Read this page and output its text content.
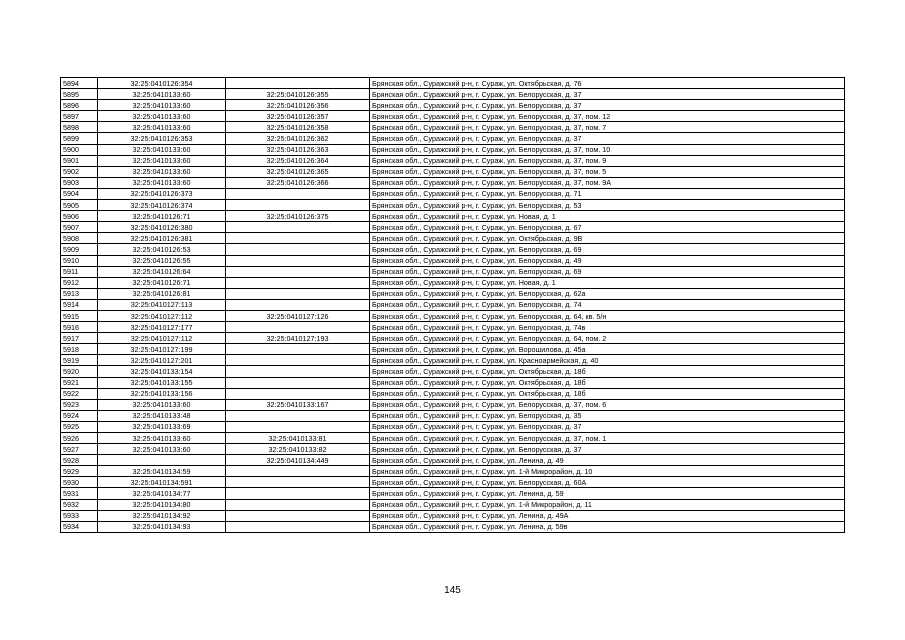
5894	32:25:0410126:354		Брянская обл., Суражский р-н, г. Сураж, ул. Октябрьская, д. 76
5895	32:25:0410133:60	32:25:0410126:355	Брянская обл., Суражский р-н, г. Сураж, ул. Белорусская, д. 37
5896	32:25:0410133:60	32:25:0410126:356	Брянская обл., Суражский р-н, г. Сураж, ул. Белорусская, д. 37
5897	32:25:0410133:60	32:25:0410126:357	Брянская обл., Суражский р-н, г. Сураж, ул. Белорусская, д. 37, пом. 12
5898	32:25:0410133:60	32:25:0410126:358	Брянская обл., Суражский р-н, г. Сураж, ул. Белорусская, д. 37, пом. 7
5899	32:25:0410126:353	32:25:0410126:362	Брянская обл., Суражский р-н, г. Сураж, ул. Белорусская, д. 37
5900	32:25:0410133:60	32:25:0410126:363	Брянская обл., Суражский р-н, г. Сураж, ул. Белорусская, д. 37, пом. 10
5901	32:25:0410133:60	32:25:0410126:364	Брянская обл., Суражский р-н, г. Сураж, ул. Белорусская, д. 37, пом. 9
5902	32:25:0410133:60	32:25:0410126:365	Брянская обл., Суражский р-н, г. Сураж, ул. Белорусская, д. 37, пом. 5
5903	32:25:0410133:60	32:25:0410126:366	Брянская обл., Суражский р-н, г. Сураж, ул. Белорусская, д. 37, пом. 9А
5904	32:25:0410126:373		Брянская обл., Суражский р-н, г. Сураж, ул. Белорусская, д. 71
5905	32:25:0410126:374		Брянская обл., Суражский р-н, г. Сураж, ул. Белорусская, д. 53
5906	32:25:0410126:71	32:25:0410126:375	Брянская обл., Суражский р-н, г. Сураж, ул. Новая, д. 1
5907	32:25:0410126:380		Брянская обл., Суражский р-н, г. Сураж, ул. Белорусская, д. 67
5908	32:25:0410126:381		Брянская обл., Суражский р-н, г. Сураж, ул. Октябрьская, д. 9В
5909	32:25:0410126:53		Брянская обл., Суражский р-н, г. Сураж, ул. Белорусская, д. 69
5910	32:25:0410126:55		Брянская обл., Суражский р-н, г. Сураж, ул. Белорусская, д. 49
5911	32:25:0410126:64		Брянская обл., Суражский р-н, г. Сураж, ул. Белорусская, д. 69
5912	32:25:0410126:71		Брянская обл., Суражский р-н, г. Сураж, ул. Новая, д. 1
5913	32:25:0410126:81		Брянская обл., Суражский р-н, г. Сураж, ул. Белорусская, д. 62а
5914	32:25:0410127:113		Брянская обл., Суражский р-н, г. Сураж, ул. Белорусская, д. 74
5915	32:25:0410127:112	32:25:0410127:126	Брянская обл., Суражский р-н, г. Сураж, ул. Белорусская, д. 64, кв. 5/н
5916	32:25:0410127:177		Брянская обл., Суражский р-н, г. Сураж, ул. Белорусская, д. 74в
5917	32:25:0410127:112	32:25:0410127:193	Брянская обл., Суражский р-н, г. Сураж, ул. Белорусская, д. 64, пом. 2
5918	32:25:0410127:199		Брянская обл., Суражский р-н, г. Сураж, ул. Ворошилова, д. 45а
5919	32:25:0410127:201		Брянская обл., Суражский р-н, г. Сураж, ул. Красноармейская, д. 40
5920	32:25:0410133:154		Брянская обл., Суражский р-н, г. Сураж, ул. Октябрьская, д. 18б
5921	32:25:0410133:155		Брянская обл., Суражский р-н, г. Сураж, ул. Октябрьская, д. 18б
5922	32:25:0410133:156		Брянская обл., Суражский р-н, г. Сураж, ул. Октябрьская, д. 18б
5923	32:25:0410133:60	32:25:0410133:167	Брянская обл., Суражский р-н, г. Сураж, ул. Белорусская, д. 37, пом. 6
5924	32:25:0410133:48		Брянская обл., Суражский р-н, г. Сураж, ул. Белорусская, д. 35
5925	32:25:0410133:69		Брянская обл., Суражский р-н, г. Сураж, ул. Белорусская, д. 37
5926	32:25:0410133:60	32:25:0410133:81	Брянская обл., Суражский р-н, г. Сураж, ул. Белорусская, д. 37, пом. 1
5927	32:25:0410133:60	32:25:0410133:82	Брянская обл., Суражский р-н, г. Сураж, ул. Белорусская, д. 37
5928		32:25:0410134:449	Брянская обл., Суражский р-н, г. Сураж, ул. Ленина, д. 49
5929	32:25:0410134:59		Брянская обл., Суражский р-н, г. Сураж, ул. 1-й Микрорайон, д. 10
5930	32:25:0410134:591		Брянская обл., Суражский р-н, г. Сураж, ул. Белорусская, д. 60А
5931	32:25:0410134:77		Брянская обл., Суражский р-н, г. Сураж, ул. Ленина, д. 59
5932	32:25:0410134:80		Брянская обл., Суражский р-н, г. Сураж, ул. 1-й Микрорайон, д. 11
5933	32:25:0410134:92		Брянская обл., Суражский р-н, г. Сураж, ул. Ленина, д. 49А
5934	32:25:0410134:93		Брянская обл., Суражский р-н, г. Сураж, ул. Ленина, д. 59в
145
